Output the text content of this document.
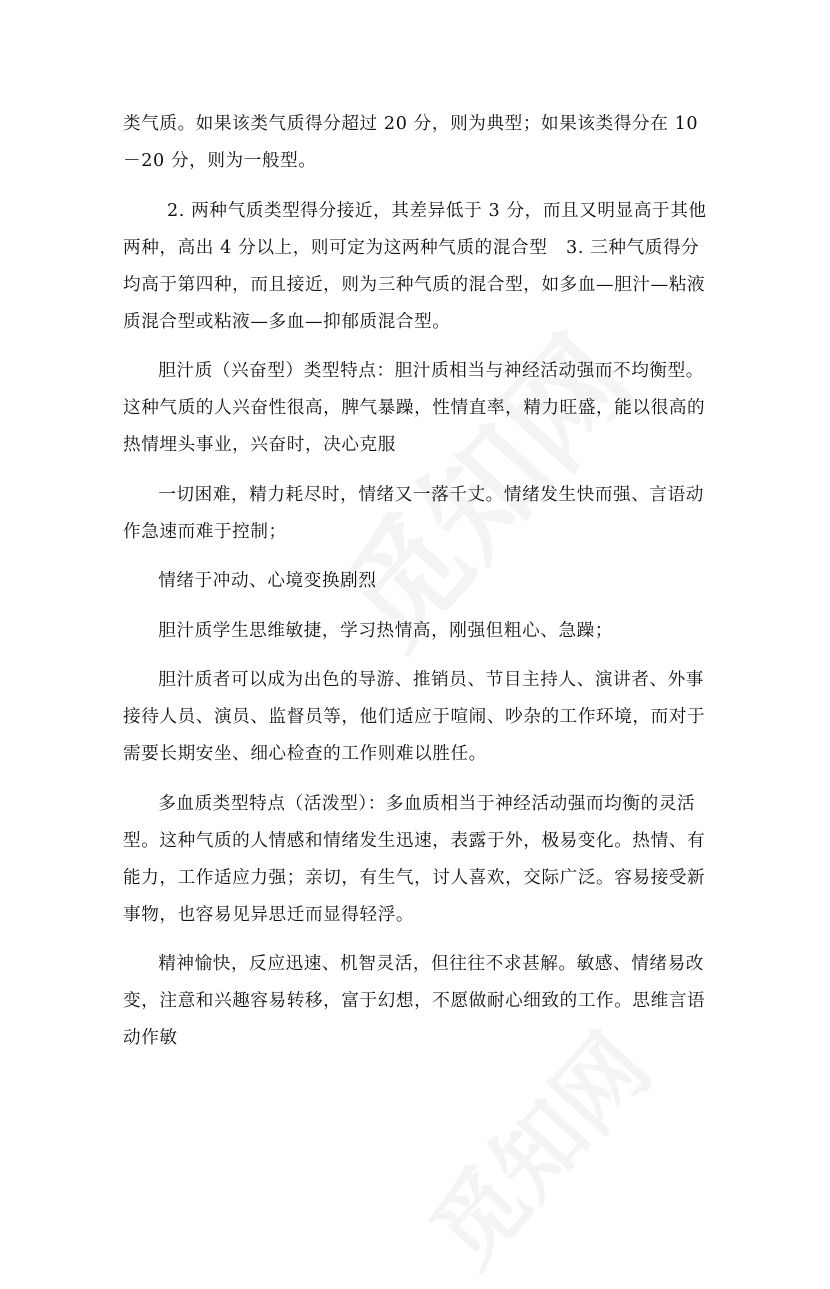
类气质。如果该类气质得分超过 20 分，则为典型；如果该类得分在 10－20 分，则为一般型。

2. 两种气质类型得分接近，其差异低于 3 分，而且又明显高于其他两种，高出 4 分以上，则可定为这两种气质的混合型   3. 三种气质得分均高于第四种，而且接近，则为三种气质的混合型，如多血—胆汁—粘液质混合型或粘液—多血—抑郁质混合型。

胆汁质（兴奋型）类型特点：胆汁质相当与神经活动强而不均衡型。这种气质的人兴奋性很高，脾气暴躁，性情直率，精力旺盛，能以很高的热情埋头事业，兴奋时，决心克服

一切困难，精力耗尽时，情绪又一落千丈。情绪发生快而强、言语动作急速而难于控制；

情绪于冲动、心境变换剧烈

胆汁质学生思维敏捷，学习热情高，刚强但粗心、急躁；

胆汁质者可以成为出色的导游、推销员、节目主持人、演讲者、外事接待人员、演员、监督员等，他们适应于喧闹、吵杂的工作环境，而对于需要长期安坐、细心检查的工作则难以胜任。

多血质类型特点（活泼型）：多血质相当于神经活动强而均衡的灵活型。这种气质的人情感和情绪发生迅速，表露于外，极易变化。热情、有能力，工作适应力强；亲切，有生气，讨人喜欢，交际广泛。容易接受新事物，也容易见异思迁而显得轻浮。

精神愉快，反应迅速、机智灵活，但往往不求甚解。敏感、情绪易改变，注意和兴趣容易转移，富于幻想，不愿做耐心细致的工作。思维言语动作敏
